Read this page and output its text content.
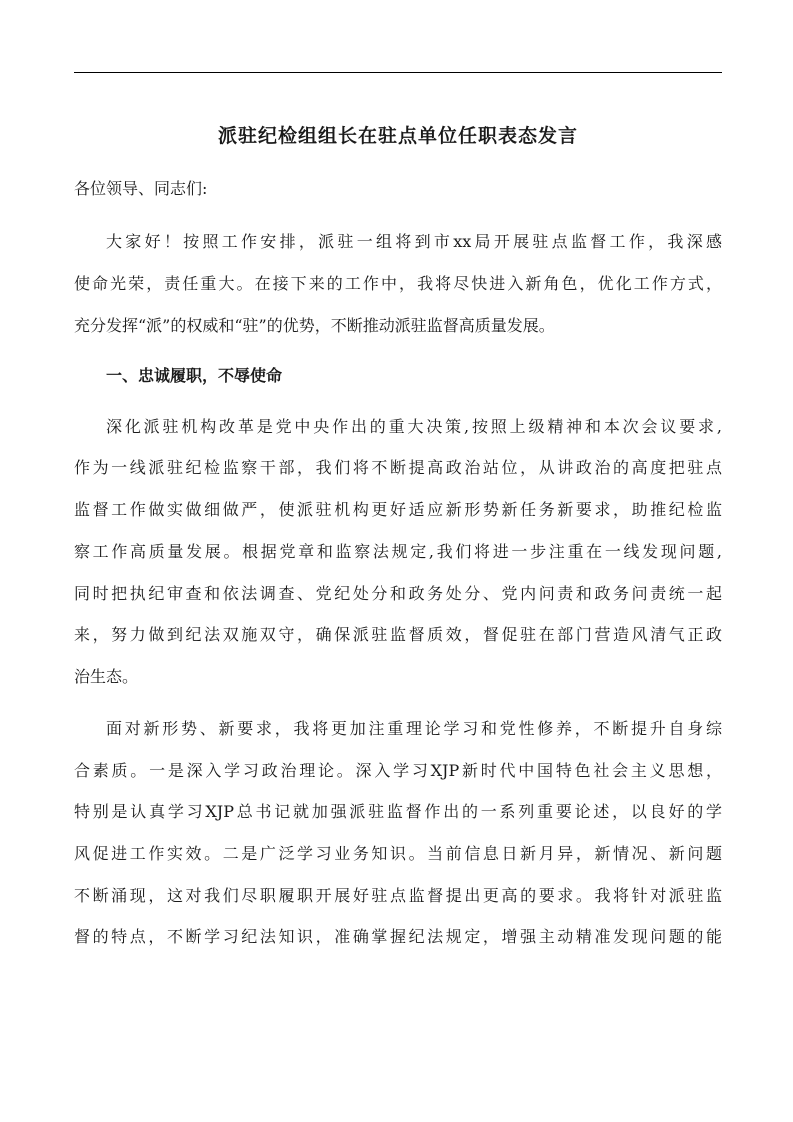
派驻纪检组组长在驻点单位任职表态发言
各位领导、同志们:
大家好！按照工作安排，派驻一组将到市xx局开展驻点监督工作，我深感
使命光荣，责任重大。在接下来的工作中，我将尽快进入新角色，优化工作方式，
充分发挥“派”的权威和“驻”的优势，不断推动派驻监督高质量发展。
一、忠诚履职，不辱使命
深化派驻机构改革是党中央作出的重大决策,按照上级精神和本次会议要求,
作为一线派驻纪检监察干部，我们将不断提高政治站位，从讲政治的高度把驻点
监督工作做实做细做严，使派驻机构更好适应新形势新任务新要求，助推纪检监
察工作高质量发展。根据党章和监察法规定,我们将进一步注重在一线发现问题,
同时把执纪审查和依法调查、党纪处分和政务处分、党内问责和政务问责统一起
来，努力做到纪法双施双守，确保派驻监督质效，督促驻在部门营造风清气正政
治生态。
面对新形势、新要求，我将更加注重理论学习和党性修养，不断提升自身综
合素质。一是深入学习政治理论。深入学习XJP新时代中国特色社会主义思想，
特别是认真学习XJP总书记就加强派驻监督作出的一系列重要论述，以良好的学
风促进工作实效。二是广泛学习业务知识。当前信息日新月异，新情况、新问题
不断涌现，这对我们尽职履职开展好驻点监督提出更高的要求。我将针对派驻监
督的特点，不断学习纪法知识，准确掌握纪法规定，增强主动精准发现问题的能
